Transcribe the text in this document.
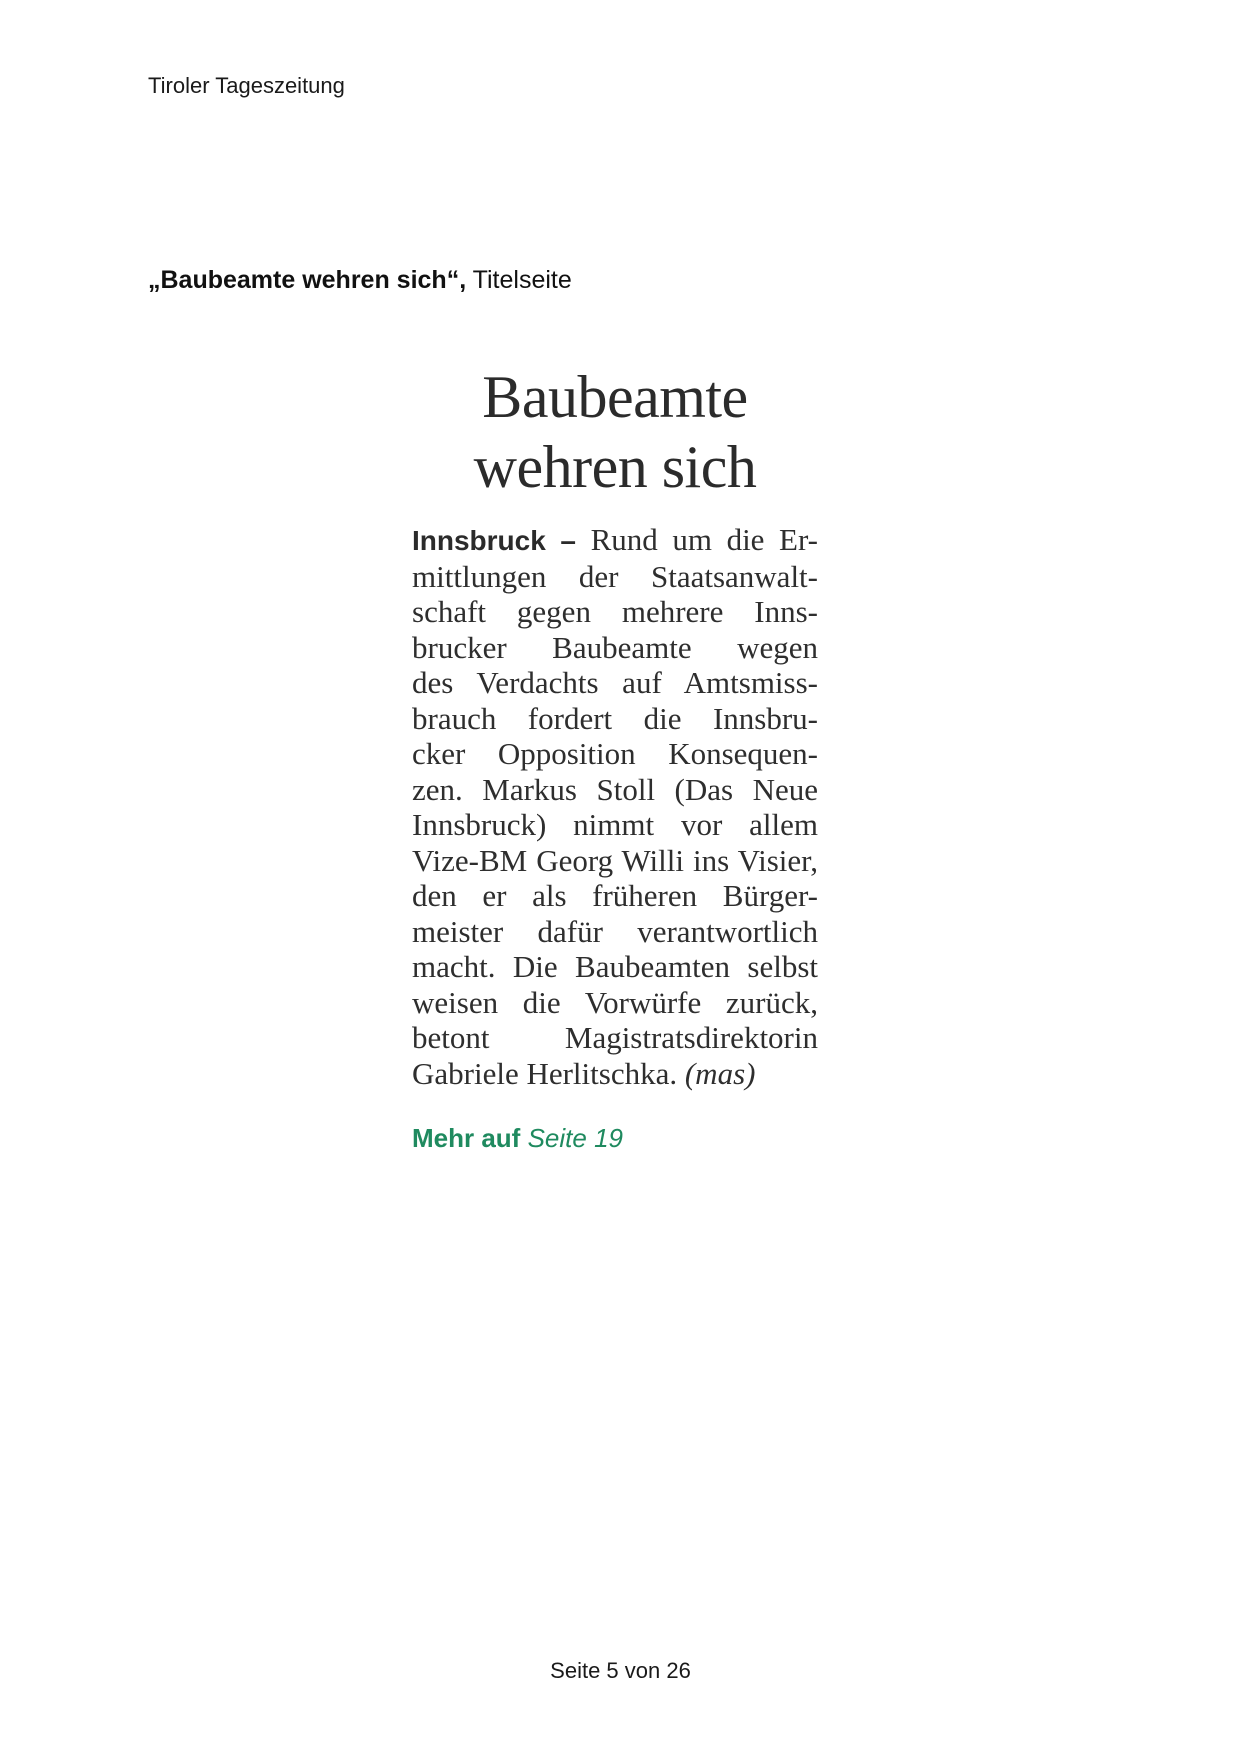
Tiroler Tageszeitung
„Baubeamte wehren sich“, Titelseite
Baubeamte
wehren sich
Innsbruck – Rund um die Er-
mittlungen der Staatsanwalt-
schaft gegen mehrere Inns-
brucker Baubeamte wegen
des Verdachts auf Amtsmiss-
brauch fordert die Innsbru-
cker Opposition Konsequen-
zen. Markus Stoll (Das Neue
Innsbruck) nimmt vor allem
Vize-BM Georg Willi ins Visier,
den er als früheren Bürger-
meister dafür verantwortlich
macht. Die Baubeamten selbst
weisen die Vorwürfe zurück,
betont Magistratsdirektorin
Gabriele Herlitschka. (mas)
Mehr auf Seite 19
Seite 5 von 26
